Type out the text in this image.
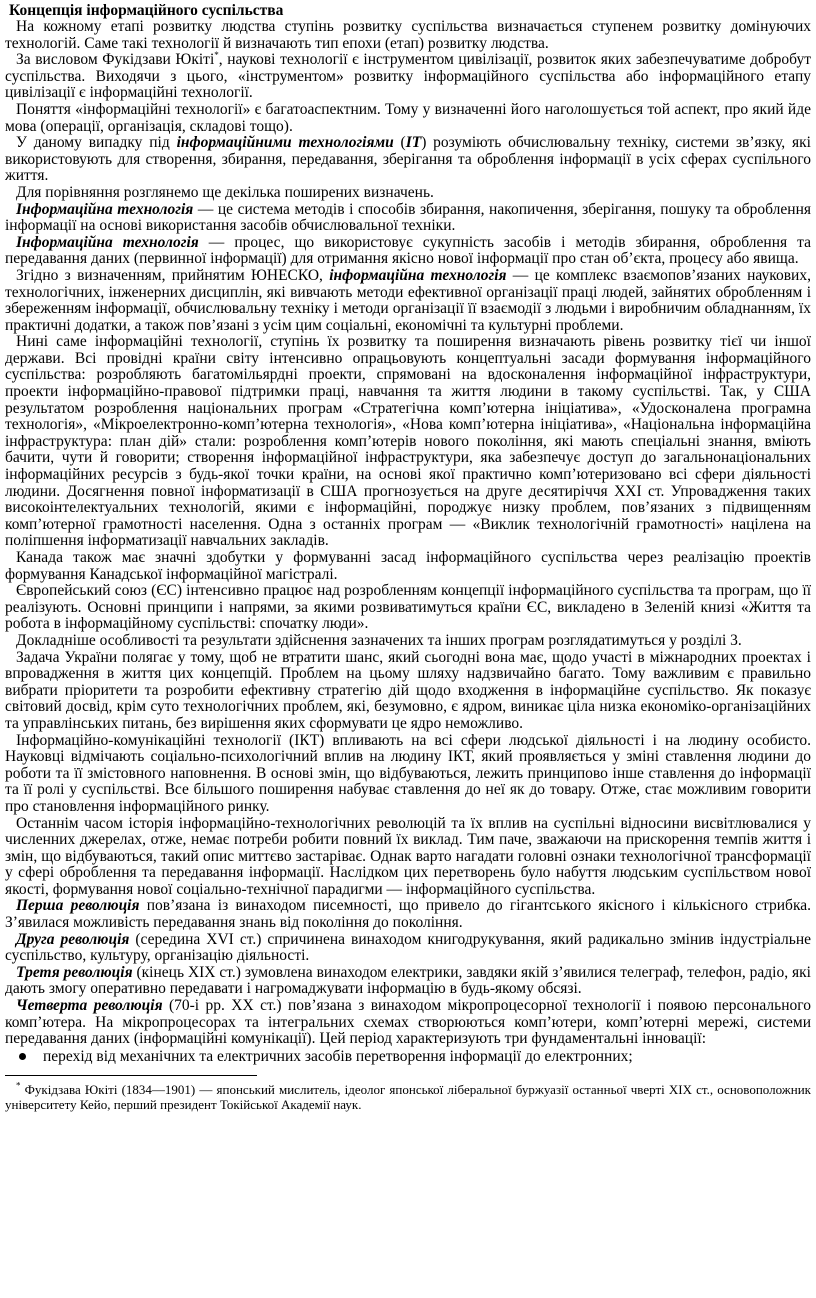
Концепція інформаційного суспільства

На кожному етапі розвитку людства ступінь розвитку суспільства визначається ступенем розвитку домінуючих технологій. Саме такі технології й визначають тип епохи (етап) розвитку людства.

За висловом Фукідзави Юкіті*, наукові технології є інструментом цивілізації, розвиток яких забезпечуватиме добробут суспільства. Виходячи з цього, «інструментом» розвитку інформаційного суспільства або інформаційного етапу цивілізації є інформаційні технології.

Поняття «інформаційні технології» є багатоаспектним. Тому у визначенні його наголошується той аспект, про який йде мова (операції, організація, складові тощо).

У даному випадку під інформаційними технологіями (ІТ) розуміють обчислювальну техніку, системи зв’язку, які використовують для створення, збирання, передавання, зберігання та оброблення інформації в усіх сферах суспільного життя.

Для порівняння розглянемо ще декілька поширених визначень.

Інформаційна технологія — це система методів і способів збирання, накопичення, зберігання, пошуку та оброблення інформації на основі використання засобів обчислювальної техніки.

Інформаційна технологія — процес, що використовує сукупність засобів і методів збирання, оброблення та передавання даних (первинної інформації) для отримання якісно нової інформації про стан об’єкта, процесу або явища.

Згідно з визначенням, прийнятим ЮНЕСКО, інформаційна технологія — це комплекс взаємопов’язаних наукових, технологічних, інженерних дисциплін, які вивчають методи ефективної організації праці людей, зайнятих обробленням і збереженням інформації, обчислювальну техніку і методи організації її взаємодії з людьми і виробничим обладнанням, їх практичні додатки, а також пов’язані з усім цим соціальні, економічні та культурні проблеми.

Нині саме інформаційні технології, ступінь їх розвитку та поширення визначають рівень розвитку тієї чи іншої держави. Всі провідні країни світу інтенсивно опрацьовують концептуальні засади формування інформаційного суспільства: розробляють багатомільярдні проекти, спрямовані на вдосконалення інформаційної інфраструктури, проекти інформаційно-правової підтримки праці, навчання та життя людини в такому суспільстві. Так, у США результатом розроблення національних програм «Стратегічна комп’ютерна ініціатива», «Удосконалена програмна технологія», «Мікроелектронно-комп’ютерна технологія», «Нова комп’ютерна ініціатива», «Національна інформаційна інфраструктура: план дій» стали: розроблення комп’ютерів нового покоління, які мають спеціальні знання, вміють бачити, чути й говорити; створення інформаційної інфраструктури, яка забезпечує доступ до загальнонаціональних інформаційних ресурсів з будь-якої точки країни, на основі якої практично комп’ютеризовано всі сфери діяльності людини. Досягнення повної інформатизації в США прогнозується на друге десятиріччя XXI ст. Упровадження таких високоінтелектуальних технологій, якими є інформаційні, породжує низку проблем, пов’язаних з підвищенням комп’ютерної грамотності населення. Одна з останніх програм — «Виклик технологічній грамотності» націлена на поліпшення інформатизації навчальних закладів.

Канада також має значні здобутки у формуванні засад інформаційного суспільства через реалізацію проектів формування Канадської інформаційної магістралі.

Європейський союз (ЄС) інтенсивно працює над розробленням концепції інформаційного суспільства та програм, що її реалізують. Основні принципи і напрями, за якими розвиватимуться країни ЄС, викладено в Зеленій книзі «Життя та робота в інформаційному суспільстві: спочатку люди».

Докладніше особливості та результати здійснення зазначених та інших програм розглядатимуться у розділі 3.

Задача України полягає у тому, щоб не втратити шанс, який сьогодні вона має, щодо участі в міжнародних проектах і впровадження в життя цих концепцій. Проблем на цьому шляху надзвичайно багато. Тому важливим є правильно вибрати пріоритети та розробити ефективну стратегію дій щодо входження в інформаційне суспільство. Як показує світовий досвід, крім суто технологічних проблем, які, безумовно, є ядром, виникає ціла низка економіко-організаційних та управлінських питань, без вирішення яких сформувати це ядро неможливо.

Інформаційно-комунікаційні технології (ІКТ) впливають на всі сфери людської діяльності і на людину особисто. Науковці відмічають соціально-психологічний вплив на людину ІКТ, який проявляється у зміні ставлення людини до роботи та її змістовного наповнення. В основі змін, що відбуваються, лежить принципово інше ставлення до інформації та її ролі у суспільстві. Все більшого поширення набуває ставлення до неї як до товару. Отже, стає можливим говорити про становлення інформаційного ринку.

Останнім часом історія інформаційно-технологічних революцій та їх вплив на суспільні відносини висвітлювалися у численних джерелах, отже, немає потреби робити повний їх виклад. Тим паче, зважаючи на прискорення темпів життя і змін, що відбуваються, такий опис миттєво застаріває. Однак варто нагадати головні ознаки технологічної трансформації у сфері оброблення та передавання інформації. Наслідком цих перетворень було набуття людським суспільством нової якості, формування нової соціально-технічної парадигми — інформаційного суспільства.

Перша революція пов’язана із винаходом писемності, що привело до гігантського якісного і кількісного стрибка. З’явилася можливість передавання знань від покоління до покоління.

Друга революція (середина XVI ст.) спричинена винаходом книгодрукування, який радикально змінив індустріальне суспільство, культуру, організацію діяльності.

Третя революція (кінець XIX ст.) зумовлена винаходом електрики, завдяки якій з’явилися телеграф, телефон, радіо, які дають змогу оперативно передавати і нагромаджувати інформацію в будь-якому обсязі.

Четверта революція (70-і рр. XX ст.) пов’язана з винаходом мікропроцесорної технології і появою персонального комп’ютера. На мікропроцесорах та інтегральних схемах створюються комп’ютери, комп’ютерні мережі, системи передавання даних (інформаційні комунікації). Цей період характеризують три фундаментальні інновації:

перехід від механічних та електричних засобів перетворення інформації до електронних;

* Фукідзава Юкіті (1834—1901) — японський мислитель, ідеолог японської ліберальної буржуазії останньої чверті XIX ст., основоположник університету Кейо, перший президент Токійської Академії наук.
